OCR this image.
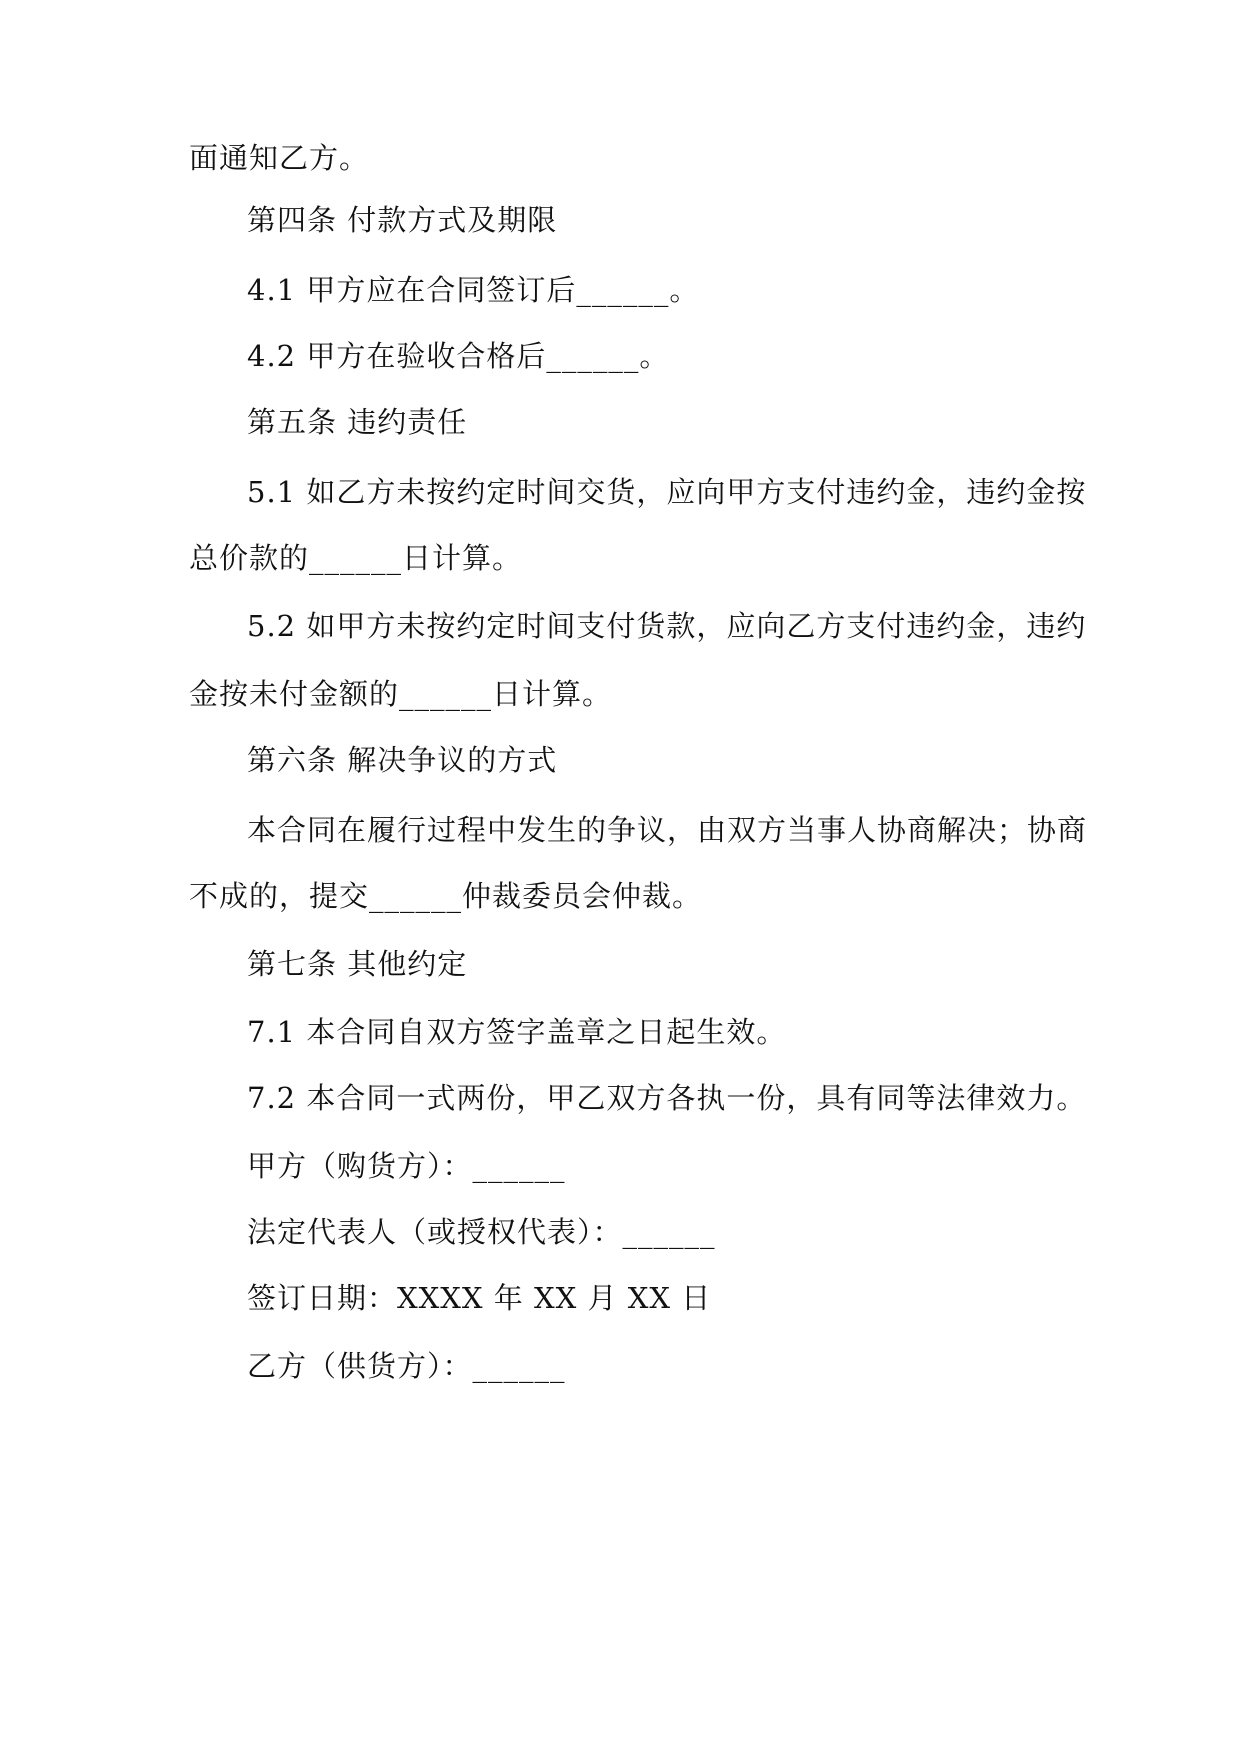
面通知乙方。
第四条 付款方式及期限
4.1 甲方应在合同签订后______。
4.2 甲方在验收合格后______。
第五条 违约责任
5.1 如乙方未按约定时间交货，应向甲方支付违约金，违约金按
总价款的______日计算。
5.2 如甲方未按约定时间支付货款，应向乙方支付违约金，违约
金按未付金额的______日计算。
第六条 解决争议的方式
本合同在履行过程中发生的争议，由双方当事人协商解决；协商
不成的，提交______仲裁委员会仲裁。
第七条 其他约定
7.1 本合同自双方签字盖章之日起生效。
7.2 本合同一式两份，甲乙双方各执一份，具有同等法律效力。
甲方（购货方）：______
法定代表人（或授权代表）：______
签订日期：XXXX 年 XX 月 XX 日
乙方（供货方）：______
